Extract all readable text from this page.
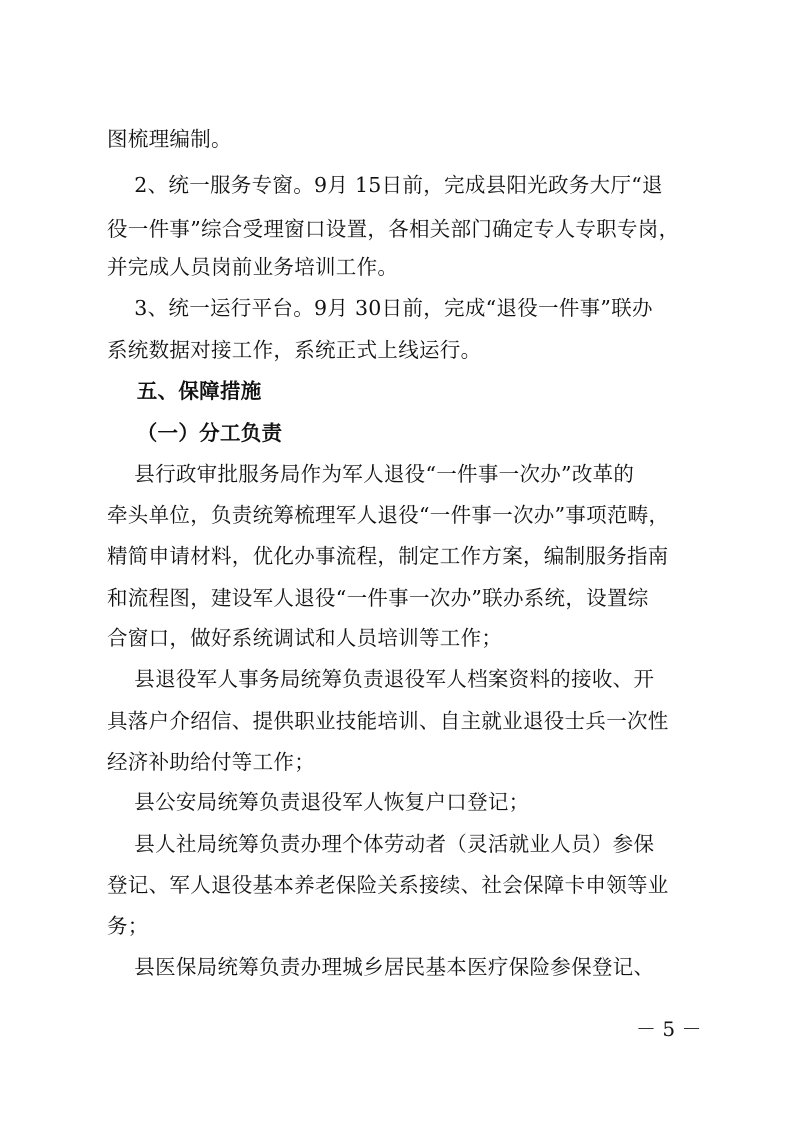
图梳理编制。
2、统一服务专窗。9月 15日前，完成县阳光政务大厅“退
役一件事”综合受理窗口设置，各相关部门确定专人专职专岗，
并完成人员岗前业务培训工作。
3、统一运行平台。9月 30日前，完成“退役一件事”联办
系统数据对接工作，系统正式上线运行。
五、保障措施
（一）分工负责
县行政审批服务局作为军人退役“一件事一次办”改革的
牵头单位，负责统筹梳理军人退役“一件事一次办”事项范畴，
精简申请材料，优化办事流程，制定工作方案，编制服务指南
和流程图，建设军人退役“一件事一次办”联办系统，设置综
合窗口，做好系统调试和人员培训等工作；
县退役军人事务局统筹负责退役军人档案资料的接收、开
具落户介绍信、提供职业技能培训、自主就业退役士兵一次性
经济补助给付等工作；
县公安局统筹负责退役军人恢复户口登记；
县人社局统筹负责办理个体劳动者（灵活就业人员）参保
登记、军人退役基本养老保险关系接续、社会保障卡申领等业
务；
县医保局统筹负责办理城乡居民基本医疗保险参保登记、
－ 5 －
